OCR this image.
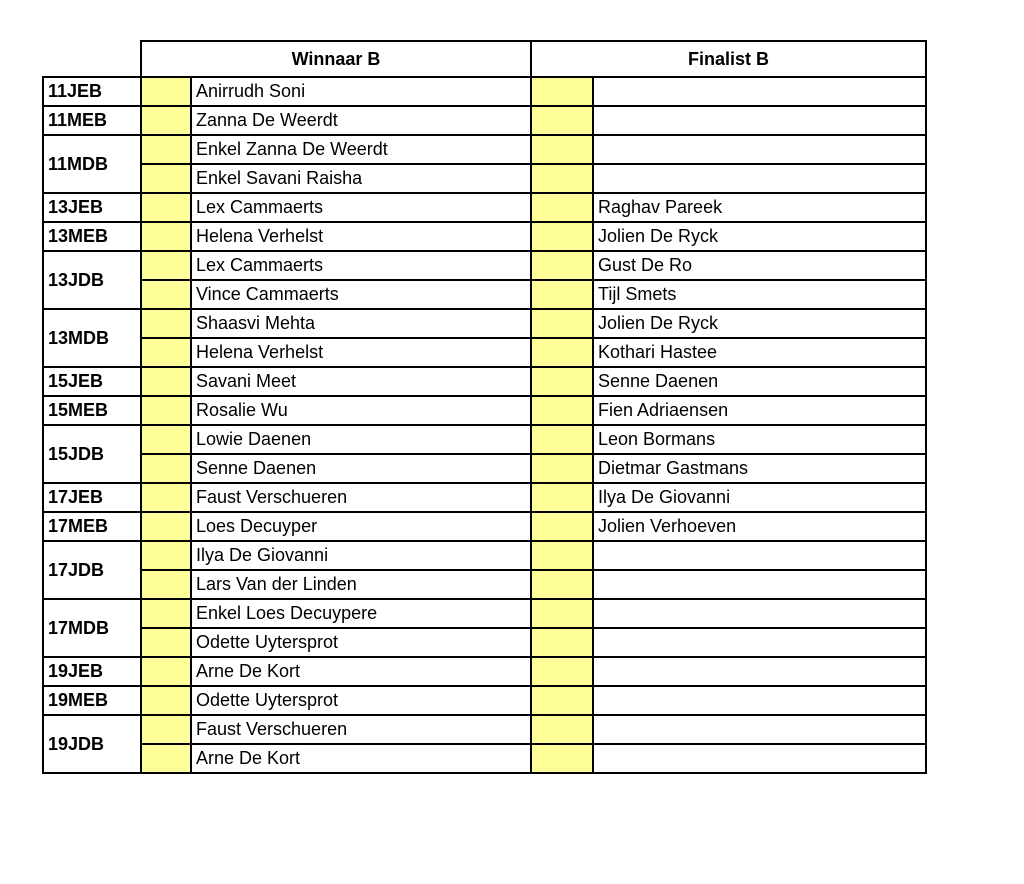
	Winnaar B		Finalist B	
11JEB		Anirrudh Soni		
11MEB		Zanna De Weerdt		
11MDB		Enkel Zanna De Weerdt		
		Enkel Savani Raisha		
13JEB		Lex Cammaerts		Raghav Pareek
13MEB		Helena Verhelst		Jolien De Ryck
13JDB		Lex Cammaerts		Gust De Ro
		Vince Cammaerts		Tijl Smets
13MDB		Shaasvi Mehta		Jolien De Ryck
		Helena Verhelst		Kothari Hastee
15JEB		Savani Meet		Senne Daenen
15MEB		Rosalie Wu		Fien Adriaensen
15JDB		Lowie Daenen		Leon Bormans
		Senne Daenen		Dietmar Gastmans
17JEB		Faust Verschueren		Ilya De Giovanni
17MEB		Loes Decuyper		Jolien Verhoeven
17JDB		Ilya De Giovanni		
		Lars Van der Linden		
17MDB		Enkel Loes Decuypere		
		Odette Uytersprot		
19JEB		Arne De Kort		
19MEB		Odette Uytersprot		
19JDB		Faust Verschueren		
		Arne De Kort		
